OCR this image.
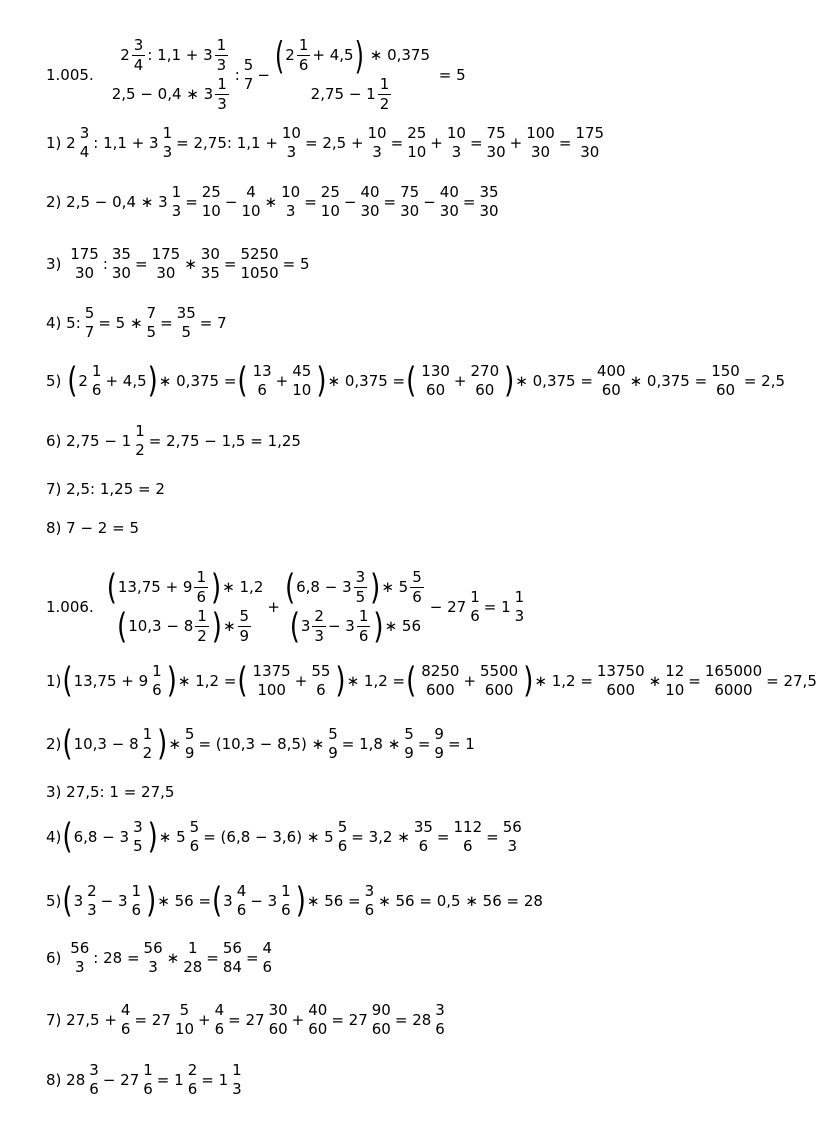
1.005.
$2 \frac{3}{4}$ : $1,1 + 3 \frac{1}{3}$
2,5 − 0,4 ∗ $3 \frac{1}{3}$
:
5
7
− ( $2 \frac{1}{6} + 4,5$ ) ∗ 0,375
$2,75 - 1 \frac{1}{2}$

= 5
1) 2
3
4
: 1,1 + 3
1
3
= 2,75: 1,1 +
10
3
= 2,5 +
10
3
=
25
10
+
10
3
=
75
30
+
100
30
=
175
30
2) 2,5 − 0,4 ∗ 3
1
3
=
25
10
−
4
10
∗
10
3
=
25
10
−
40
30
=
75
30
−
40
30
=
35
30
3)

175
30
:
35
30
=
175
30
∗
30
35
=
5250
1050
= 5
4) 5:
5
7
= 5 ∗
7
5
=
35
5
= 7
5)
( 2
1
6
+ 4,5 ) ∗ 0,375 = ( 13
6
+
45
10 ) ∗ 0,375 = ( 130
60
+
270
60 ) ∗ 0,375 =
400
60
∗ 0,375 =
150
60
= 2,5
6) 2,75 − 1
1
2
= 2,75 − 1,5 = 1,25
7) 2,5: 1,25 = 2
8) 7 − 2 = 5
1.006. ( $13,75 + 9 \frac{1}{6}$ ) ∗ 1,2
( $10,3 - 8 \frac{1}{2}$ ) ∗ $\frac{5}{9}$
+ ( $6,8 - 3 \frac{3}{5}$ ) ∗ $5 \frac{5}{6}$
( $3 \frac{2}{3} - 3 \frac{1}{6}$ ) ∗ 56
− 27
1
6
= 1
1
3
1) ( 13,75 + 9
1
6 ) ∗ 1,2 = ( 1375
100
+
55
6 ) ∗ 1,2 = ( 8250
600
+
5500
600 ) ∗ 1,2 =
13750
600
∗
12
10
=
165000
6000
= 27,5
2) ( 10,3 − 8
1
2 ) ∗
5
9
= (10,3 − 8,5) ∗
5
9
= 1,8 ∗
5
9
=
9
9
= 1
3) 27,5: 1 = 27,5
4) ( 6,8 − 3
3
5 ) ∗ 5
5
6
= (6,8 − 3,6) ∗ 5
5
6
= 3,2 ∗
35
6
=
112
6
=
56
3
5) ( 3
2
3
− 3
1
6 ) ∗ 56 = ( 3
4
6
− 3
1
6 ) ∗ 56 =
3
6
∗ 56 = 0,5 ∗ 56 = 28
6)

56
3
: 28 =
56
3
∗
1
28
=
56
84
=
4
6
7) 27,5 +
4
6
= 27
5
10
+
4
6
= 27
30
60
+
40
60
= 27
90
60
= 28
3
6
8) 28
3
6
− 27
1
6
= 1
2
6
= 1
1
3
